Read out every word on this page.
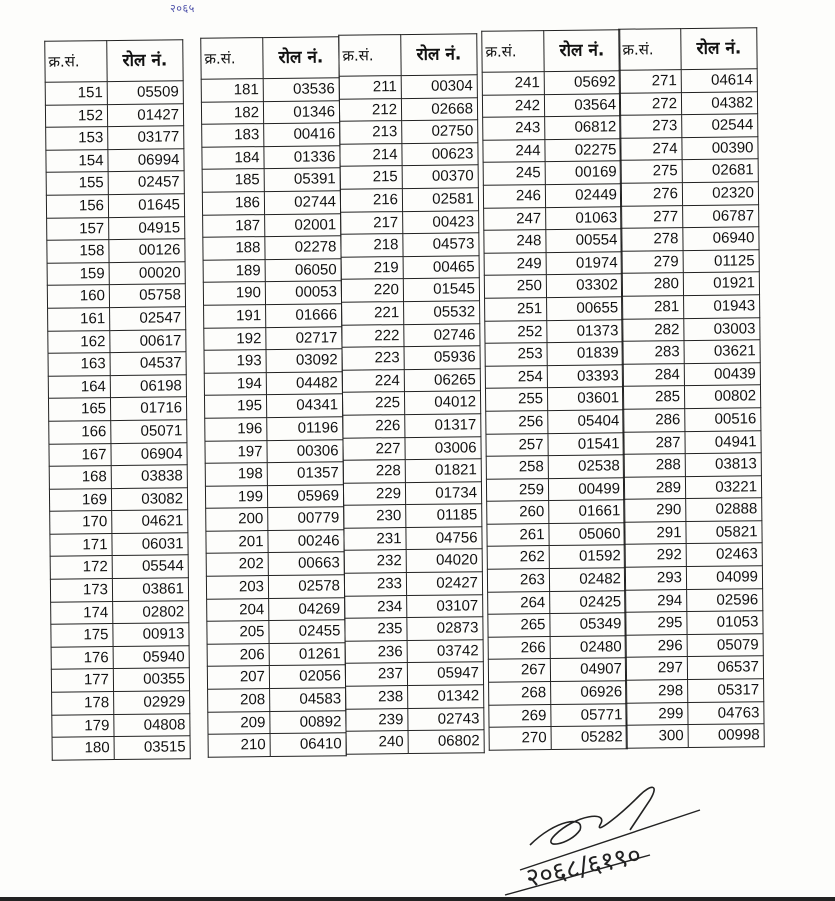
२०६५
क्र.सं.	रोल नं.
151	05509
152	01427
153	03177
154	06994
155	02457
156	01645
157	04915
158	00126
159	00020
160	05758
161	02547
162	00617
163	04537
164	06198
165	01716
166	05071
167	06904
168	03838
169	03082
170	04621
171	06031
172	05544
173	03861
174	02802
175	00913
176	05940
177	00355
178	02929
179	04808
180	03515
क्र.सं.	रोल नं.
181	03536
182	01346
183	00416
184	01336
185	05391
186	02744
187	02001
188	02278
189	06050
190	00053
191	01666
192	02717
193	03092
194	04482
195	04341
196	01196
197	00306
198	01357
199	05969
200	00779
201	00246
202	00663
203	02578
204	04269
205	02455
206	01261
207	02056
208	04583
209	00892
210	06410
क्र.सं.	रोल नं.
211	00304
212	02668
213	02750
214	00623
215	00370
216	02581
217	00423
218	04573
219	00465
220	01545
221	05532
222	02746
223	05936
224	06265
225	04012
226	01317
227	03006
228	01821
229	01734
230	01185
231	04756
232	04020
233	02427
234	03107
235	02873
236	03742
237	05947
238	01342
239	02743
240	06802
क्र.सं.	रोल नं.
241	05692
242	03564
243	06812
244	02275
245	00169
246	02449
247	01063
248	00554
249	01974
250	03302
251	00655
252	01373
253	01839
254	03393
255	03601
256	05404
257	01541
258	02538
259	00499
260	01661
261	05060
262	01592
263	02482
264	02425
265	05349
266	02480
267	04907
268	06926
269	05771
270	05282
क्र.सं.	रोल नं.
271	04614
272	04382
273	02544
274	00390
275	02681
276	02320
277	06787
278	06940
279	01125
280	01921
281	01943
282	03003
283	03621
284	00439
285	00802
286	00516
287	04941
288	03813
289	03221
290	02888
291	05821
292	02463
293	04099
294	02596
295	01053
296	05079
297	06537
298	05317
299	04763
300	00998
२०६८/६१९०
